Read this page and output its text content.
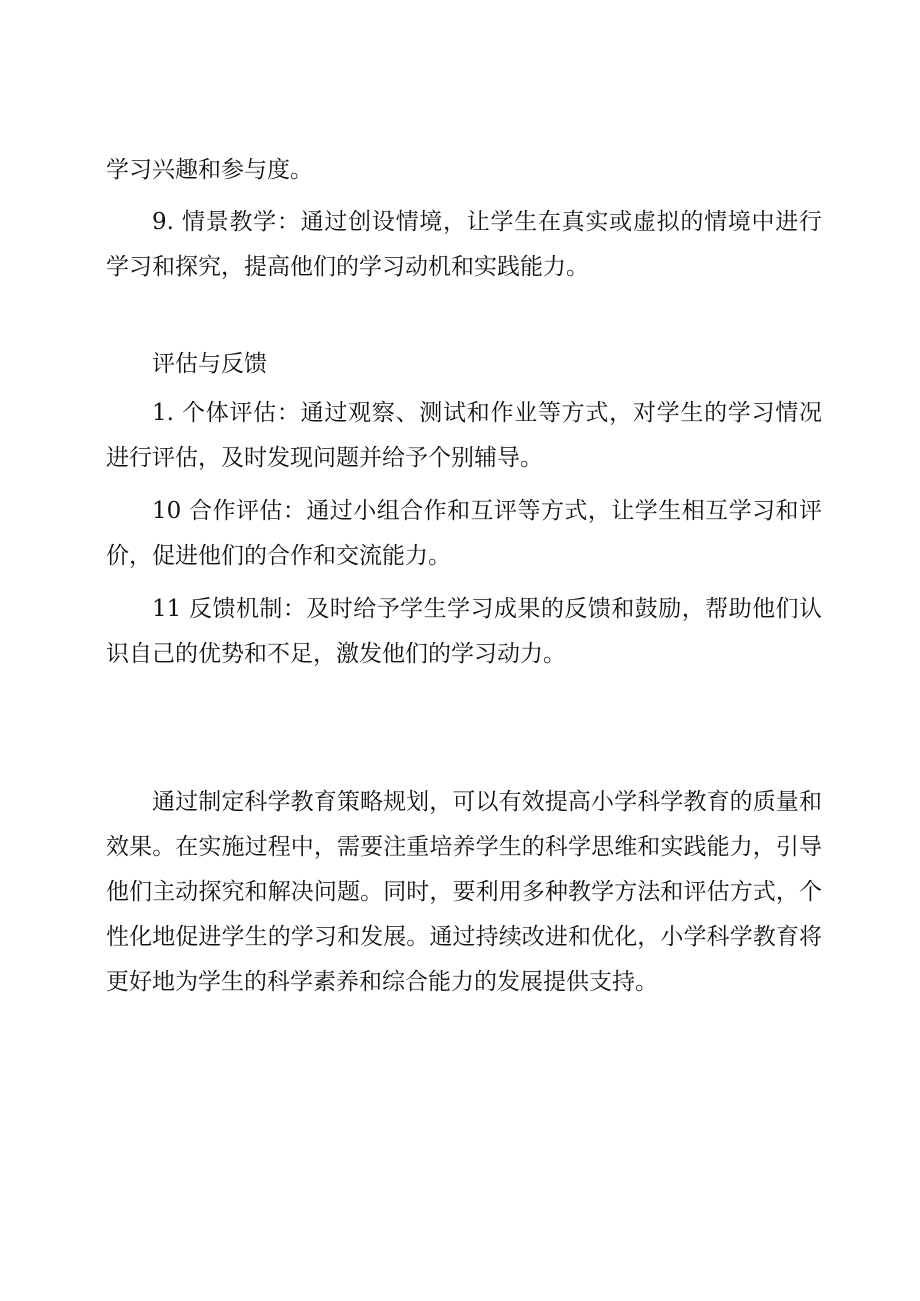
学习兴趣和参与度。

9. 情景教学：通过创设情境，让学生在真实或虚拟的情境中进行学习和探究，提高他们的学习动机和实践能力。

评估与反馈

1. 个体评估：通过观察、测试和作业等方式，对学生的学习情况进行评估，及时发现问题并给予个别辅导。

10 合作评估：通过小组合作和互评等方式，让学生相互学习和评价，促进他们的合作和交流能力。

11 反馈机制：及时给予学生学习成果的反馈和鼓励，帮助他们认识自己的优势和不足，激发他们的学习动力。

通过制定科学教育策略规划，可以有效提高小学科学教育的质量和效果。在实施过程中，需要注重培养学生的科学思维和实践能力，引导他们主动探究和解决问题。同时，要利用多种教学方法和评估方式，个性化地促进学生的学习和发展。通过持续改进和优化，小学科学教育将更好地为学生的科学素养和综合能力的发展提供支持。
